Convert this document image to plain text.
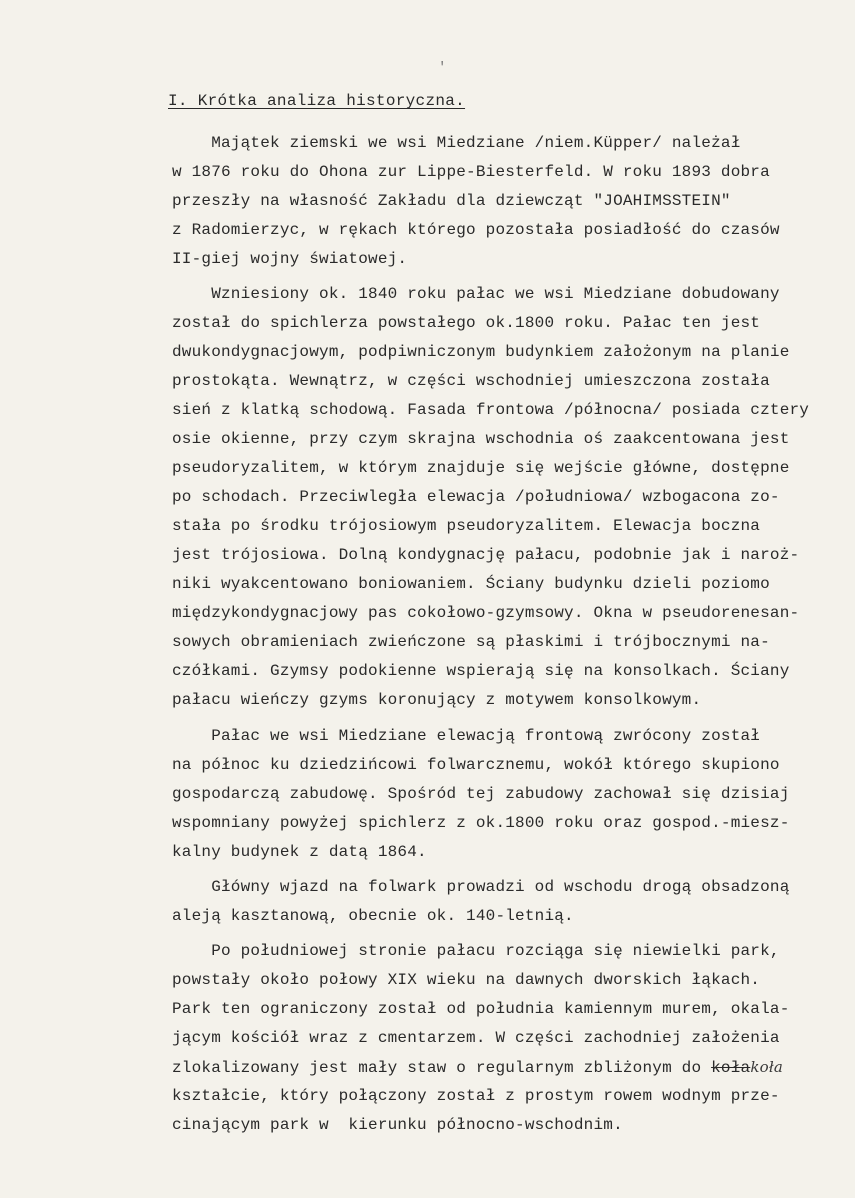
'
I. Krótka analiza historyczna.
Majątek ziemski we wsi Miedziane /niem.Küpper/ należał
w 1876 roku do Ohona zur Lippe-Biesterfeld. W roku 1893 dobra
przeszły na własność Zakładu dla dziewcząt "JOAHIMSSTEIN"
z Radomierzyc, w rękach którego pozostała posiadłość do czasów
II-giej wojny światowej.
Wzniesiony ok. 1840 roku pałac we wsi Miedziane dobudowany
został do spichlerza powstałego ok.1800 roku. Pałac ten jest
dwukondygnacjowym, podpiwniczonym budynkiem założonym na planie
prostokąta. Wewnątrz, w części wschodniej umieszczona została
sień z klatką schodową. Fasada frontowa /północna/ posiada cztery
osie okienne, przy czym skrajna wschodnia oś zaakcentowana jest
pseudoryzalitem, w którym znajduje się wejście główne, dostępne
po schodach. Przeciwległa elewacja /południowa/ wzbogacona zo-
stała po środku trójosiowym pseudoryzalitem. Elewacja boczna
jest trójosiowa. Dolną kondygnację pałacu, podobnie jak i naroż-
niki wyakcentowano boniowaniem. Ściany budynku dzieli poziomo
międzykondygnacjowy pas cokołowo-gzymsowy. Okna w pseudorenesan-
sowych obramieniach zwieńczone są płaskimi i trójbocznymi na-
czółkami. Gzymsy podokienne wspierają się na konsolkach. Ściany
pałacu wieńczy gzyms koronujący z motywem konsolkowym.
Pałac we wsi Miedziane elewacją frontową zwrócony został
na północ ku dziedzińcowi folwarcznemu, wokół którego skupiono
gospodarczą zabudowę. Spośród tej zabudowy zachował się dzisiaj
wspomniany powyżej spichlerz z ok.1800 roku oraz gospod.-miesz-
kalny budynek z datą 1864.
Główny wjazd na folwark prowadzi od wschodu drogą obsadzoną
aleją kasztanową, obecnie ok. 140-letnią.
Po południowej stronie pałacu rozciąga się niewielki park,
powstały około połowy XIX wieku na dawnych dworskich łąkach.
Park ten ograniczony został od południa kamiennym murem, okala-
jącym kościół wraz z cmentarzem. W części zachodniej założenia
zlokalizowany jest mały staw o regularnym zbliżonym do kołakoła
kształcie, który połączony został z prostym rowem wodnym prze-
cinającym park w  kierunku północno-wschodnim.
